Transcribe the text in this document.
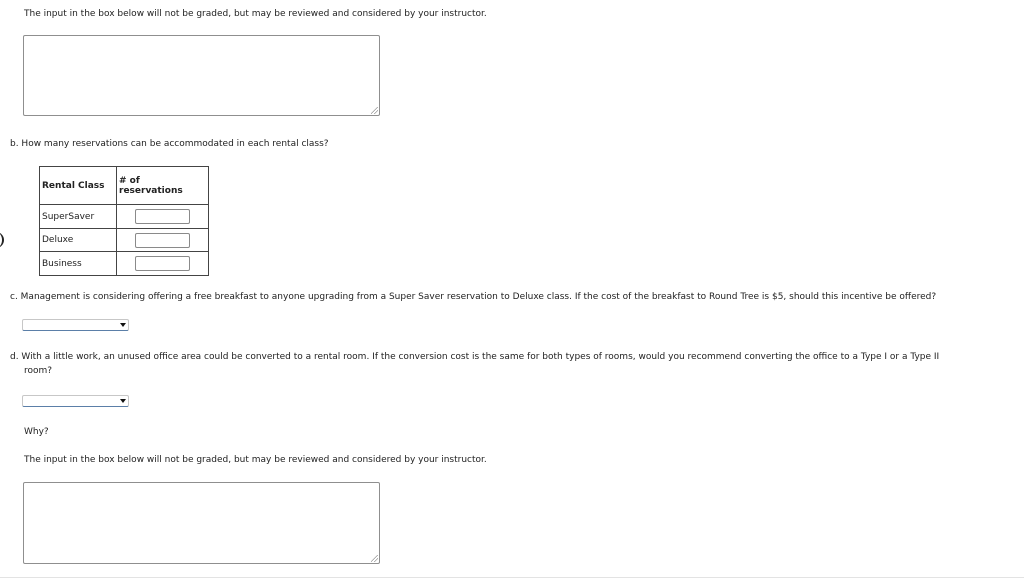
The input in the box below will not be graded, but may be reviewed and considered by your instructor.
b. How many reservations can be accommodated in each rental class?
Rental Class	# of reservations
SuperSaver	

Deluxe	

Business	
c. Management is considering offering a free breakfast to anyone upgrading from a Super Saver reservation to Deluxe class. If the cost of the breakfast to Round Tree is $5, should this incentive be offered?
d. With a little work, an unused office area could be converted to a rental room. If the conversion cost is the same for both types of rooms, would you recommend converting the office to a Type I or a Type II
room?
Why?
The input in the box below will not be graded, but may be reviewed and considered by your instructor.
